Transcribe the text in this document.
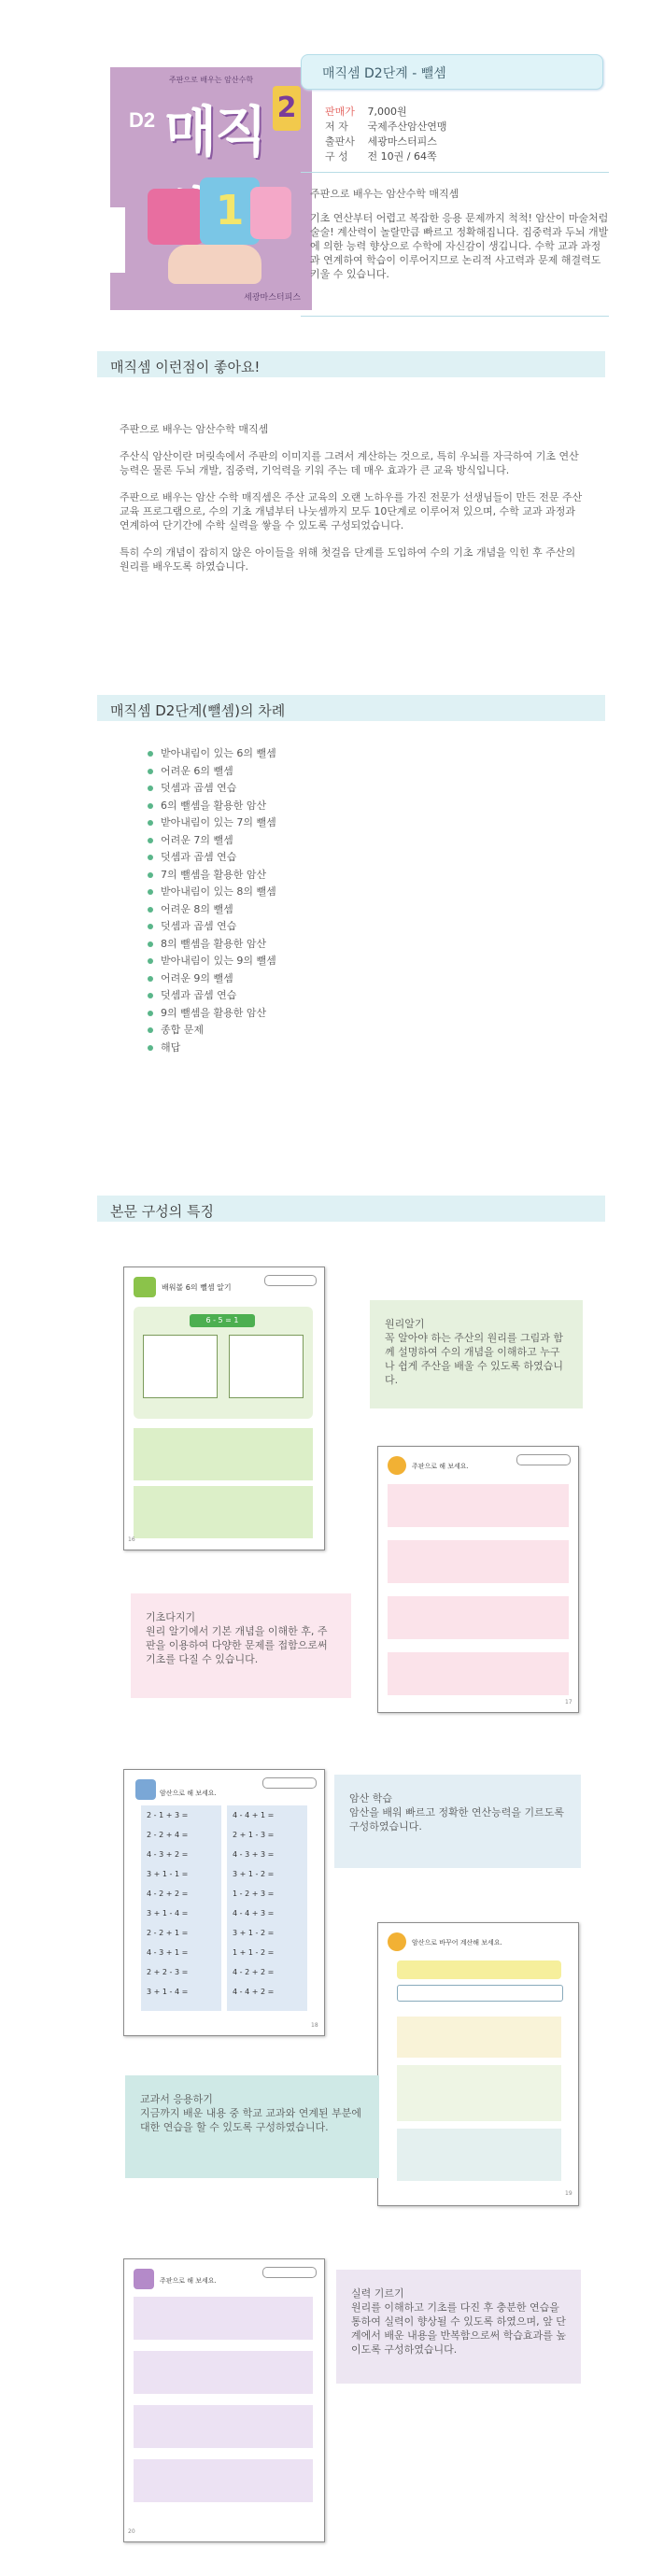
주판으로 배우는 암산수학
D2 매직 2
1
세광마스터피스
매직셈 D2단계 - 뺄셈
판매가 7,000원
저 자 국제주산암산연맹
출판사 세광마스터피스
구 성 전 10권 / 64쪽

주판으로 배우는 암산수학 매직셈

기초 연산부터 어렵고 복잡한 응용 문제까지 척척! 암산이 마술처럼 술술! 계산력이 놀랄만큼 빠르고 정확해집니다. 집중력과 두뇌 개발에 의한 능력 향상으로 수학에 자신감이 생깁니다. 수학 교과 과정과 연계하여 학습이 이루어지므로 논리적 사고력과 문제 해결력도 키울 수 있습니다.

매직셈 이런점이 좋아요!

주판으로 배우는 암산수학 매직셈

주산식 암산이란 머릿속에서 주판의 이미지를 그려서 계산하는 것으로, 특히 우뇌를 자극하여 기초 연산 능력은 물론 두뇌 개발, 집중력, 기억력을 키워 주는 데 매우 효과가 큰 교육 방식입니다.

주판으로 배우는 암산 수학 매직셈은 주산 교육의 오랜 노하우를 가진 전문가 선생님들이 만든 전문 주산 교육 프로그램으로, 수의 기초 개념부터 나눗셈까지 모두 10단계로 이루어져 있으며, 수학 교과 과정과 연계하여 단기간에 수학 실력을 쌓을 수 있도록 구성되었습니다.

특히 수의 개념이 잡히지 않은 아이들을 위해 첫걸음 단계를 도입하여 수의 기초 개념을 익힌 후 주산의 원리를 배우도록 하였습니다.

매직셈 D2단계(뺄셈)의 차례
받아내림이 있는 6의 뺄셈
어려운 6의 뺄셈
덧셈과 곱셈 연습
6의 뺄셈을 활용한 암산
받아내림이 있는 7의 뺄셈
어려운 7의 뺄셈
덧셈과 곱셈 연습
7의 뺄셈을 활용한 암산
받아내림이 있는 8의 뺄셈
어려운 8의 뺄셈
덧셈과 곱셈 연습
8의 뺄셈을 활용한 암산
받아내림이 있는 9의 뺄셈
어려운 9의 뺄셈
덧셈과 곱셈 연습
9의 뺄셈을 활용한 암산
종합 문제
해답
본문 구성의 특징
배워볼 6의 뺄셈 알기
6 - 5 = 1
16
원리알기
꼭 알아야 하는 주산의 원리를 그림과 함께 설명하여 수의 개념을 이해하고 누구나 쉽게 주산을 배울 수 있도록 하였습니다.
주판으로 해 보세요.
17
기초다지기
원리 알기에서 기본 개념을 이해한 후, 주판을 이용하여 다양한 문제를 접함으로써 기초를 다질 수 있습니다.
암산으로 해 보세요.
2 - 1 + 3 =
2 - 2 + 4 =
4 - 3 + 2 =
3 + 1 - 1 =
4 - 2 + 2 =
3 + 1 - 4 =
2 - 2 + 1 =
4 - 3 + 1 =
2 + 2 - 3 =
3 + 1 - 4 =
4 - 4 + 1 =
2 + 1 - 3 =
4 - 3 + 3 =
3 + 1 - 2 =
1 - 2 + 3 =
4 - 4 + 3 =
3 + 1 - 2 =
1 + 1 - 2 =
4 - 2 + 2 =
4 - 4 + 2 =
18
암산 학습
암산을 배워 빠르고 정확한 연산능력을 기르도록 구성하였습니다.
암산으로 바꾸어 계산해 보세요.
19
교과서 응용하기
지금까지 배운 내용 중 학교 교과와 연계된 부분에 대한 연습을 할 수 있도록 구성하였습니다.
주판으로 해 보세요.
20
실력 기르기
원리를 이해하고 기초를 다진 후 충분한 연습을 통하여 실력이 향상될 수 있도록 하였으며, 앞 단계에서 배운 내용을 반복함으로써 학습효과를 높이도록 구성하였습니다.
